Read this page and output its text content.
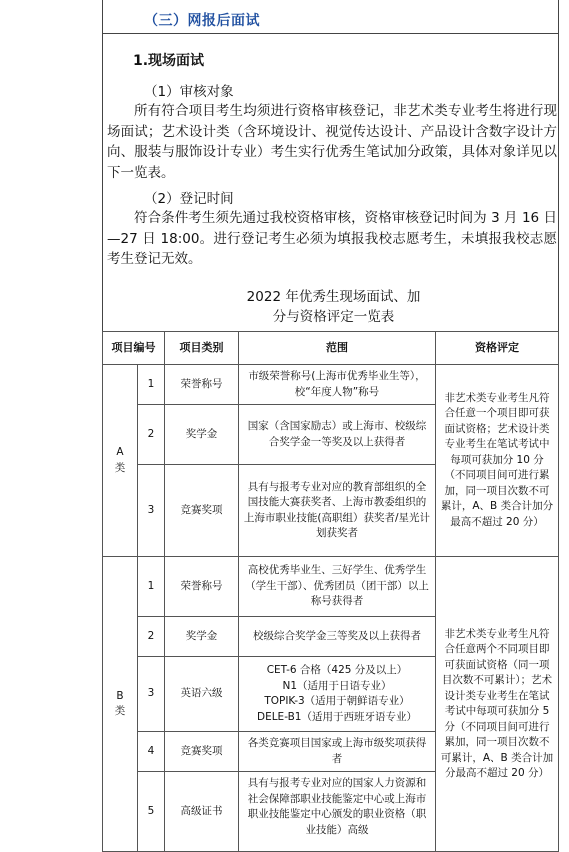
（三）网报后面试
1.现场面试
（1）审核对象
所有符合项目考生均须进行资格审核登记，非艺术类专业考生将进行现场面试；艺术设计类（含环境设计、视觉传达设计、产品设计含数字设计方向、服装与服饰设计专业）考生实行优秀生笔试加分政策，具体对象详见以下一览表。
（2）登记时间
符合条件考生须先通过我校资格审核，资格审核登记时间为 3 月 16 日—27 日 18:00。进行登记考生必须为填报我校志愿考生，未填报我校志愿考生登记无效。
2022 年优秀生现场面试、加
分与资格评定一览表
项目编号		项目类别	范围	资格评定
A
类	1	荣誉称号	市级荣誉称号(上海市优秀毕业生等），校“年度人物”称号	非艺术类专业考生凡符合任意一个项目即可获面试资格；艺术设计类专业考生在笔试考试中每项可获加分 10 分（不同项目间可进行累加，同一项目次数不可累计，A、B 类合计加分最高不超过 20 分）
	2	奖学金	国家（含国家励志）或上海市、校级综合奖学金一等奖及以上获得者	
	3	竞赛奖项	具有与报考专业对应的教育部组织的全国技能大赛获奖者、上海市教委组织的上海市职业技能(高职组）获奖者/星光计划获奖者	
B
类	1	荣誉称号	高校优秀毕业生、三好学生、优秀学生（学生干部）、优秀团员（团干部）以上称号获得者	非艺术类专业考生凡符合任意两个不同项目即可获面试资格（同一项目次数不可累计）；艺术设计类专业考生在笔试考试中每项可获加分 5 分（不同项目间可进行累加，同一项目次数不可累计，A、B 类合计加分最高不超过 20 分）
	2	奖学金	校级综合奖学金三等奖及以上获得者	
	3	英语六级	CET-6 合格（425 分及以上）
N1（适用于日语专业）
TOPIK-3（适用于朝鲜语专业）
DELE-B1（适用于西班牙语专业）	
	4	竞赛奖项	各类竞赛项目国家或上海市级奖项获得者	
	5	高级证书	具有与报考专业对应的国家人力资源和社会保障部职业技能鉴定中心或上海市职业技能鉴定中心颁发的职业资格（职业技能）高级	
